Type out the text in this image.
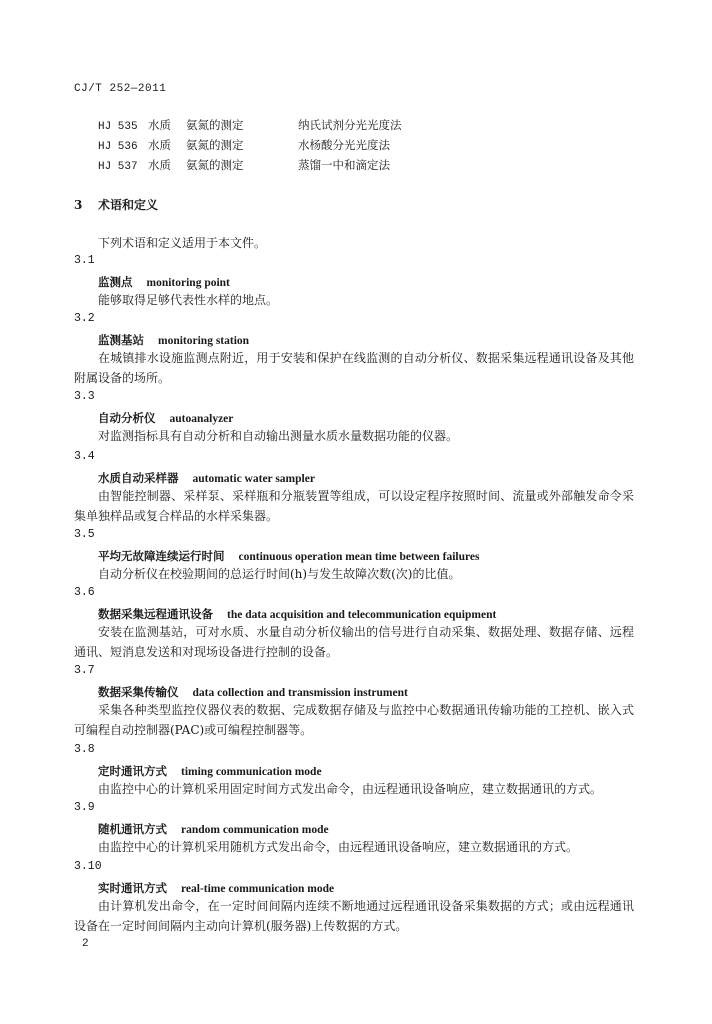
CJ/T 252—2011
HJ 535 水质 氨氮的测定	纳氏试剂分光光度法
HJ 536 水质 氨氮的测定	水杨酸分光光度法
HJ 537 水质 氨氮的测定	蒸馏一中和滴定法
3 术语和定义
下列术语和定义适用于本文件。
3.1
监测点 monitoring point
能够取得足够代表性水样的地点。
3.2
监测基站 monitoring station
在城镇排水设施监测点附近，用于安装和保护在线监测的自动分析仪、数据采集远程通讯设备及其他附属设备的场所。
3.3
自动分析仪 autoanalyzer
对监测指标具有自动分析和自动输出测量水质水量数据功能的仪器。
3.4
水质自动采样器 automatic water sampler
由智能控制器、采样泵、采样瓶和分瓶装置等组成，可以设定程序按照时间、流量或外部触发命令采集单独样品或复合样品的水样采集器。
3.5
平均无故障连续运行时间 continuous operation mean time between failures
自动分析仪在校验期间的总运行时间(h)与发生故障次数(次)的比值。
3.6
数据采集远程通讯设备 the data acquisition and telecommunication equipment
安装在监测基站，可对水质、水量自动分析仪输出的信号进行自动采集、数据处理、数据存储、远程通讯、短消息发送和对现场设备进行控制的设备。
3.7
数据采集传输仪 data collection and transmission instrument
采集各种类型监控仪器仪表的数据、完成数据存储及与监控中心数据通讯传输功能的工控机、嵌入式可编程自动控制器(PAC)或可编程控制器等。
3.8
定时通讯方式 timing communication mode
由监控中心的计算机采用固定时间方式发出命令，由远程通讯设备响应，建立数据通讯的方式。
3.9
随机通讯方式 random communication mode
由监控中心的计算机采用随机方式发出命令，由远程通讯设备响应，建立数据通讯的方式。
3.10
实时通讯方式 real-time communication mode
由计算机发出命令，在一定时间间隔内连续不断地通过远程通讯设备采集数据的方式；或由远程通讯设备在一定时间间隔内主动向计算机(服务器)上传数据的方式。
2
